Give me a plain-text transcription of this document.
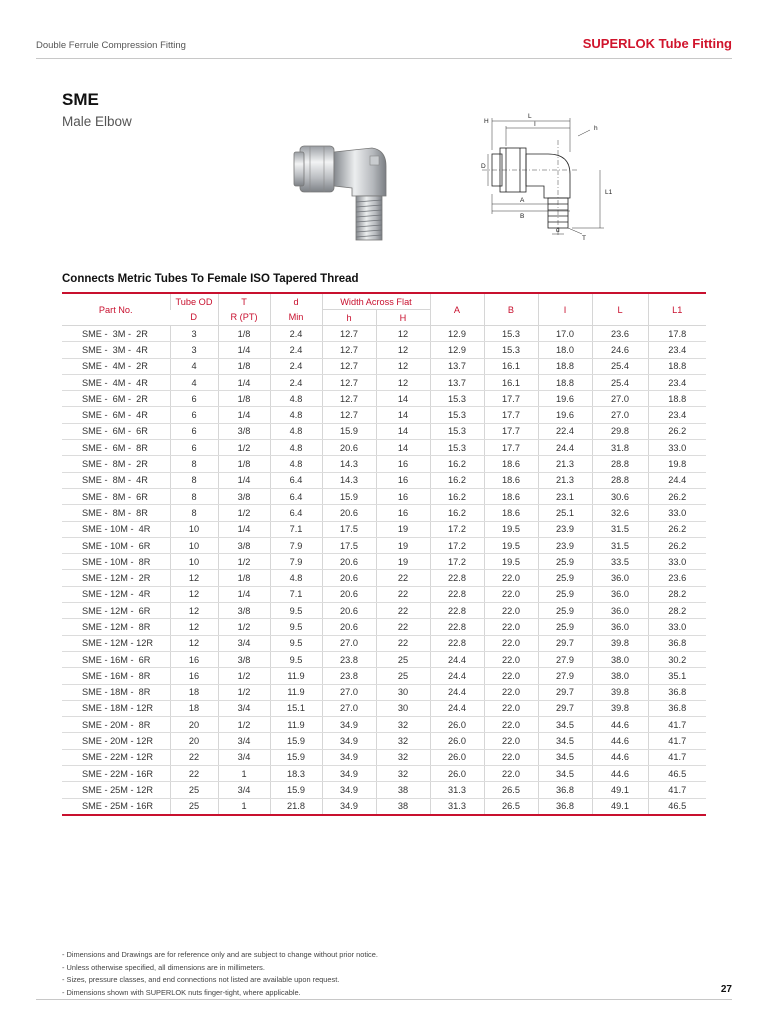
Double Ferrule Compression Fitting	SUPERLOK Tube Fitting
SME
Male Elbow	L
H	I
h
D
A
B
L1
d
T
Connects Metric Tubes To Female ISO Tapered Thread
Part No.	Tube OD	T	d	Width Across Flat		A	B	I	L	L1
	D	R (PT)	Min	h	H					
SME -  3M -  2R	3	1/8	2.4	12.7	12	12.9	15.3	17.0	23.6	17.8
SME -  3M -  4R	3	1/4	2.4	12.7	12	12.9	15.3	18.0	24.6	23.4
SME -  4M -  2R	4	1/8	2.4	12.7	12	13.7	16.1	18.8	25.4	18.8
SME -  4M -  4R	4	1/4	2.4	12.7	12	13.7	16.1	18.8	25.4	23.4
SME -  6M -  2R	6	1/8	4.8	12.7	14	15.3	17.7	19.6	27.0	18.8
SME -  6M -  4R	6	1/4	4.8	12.7	14	15.3	17.7	19.6	27.0	23.4
SME -  6M -  6R	6	3/8	4.8	15.9	14	15.3	17.7	22.4	29.8	26.2
SME -  6M -  8R	6	1/2	4.8	20.6	14	15.3	17.7	24.4	31.8	33.0
SME -  8M -  2R	8	1/8	4.8	14.3	16	16.2	18.6	21.3	28.8	19.8
SME -  8M -  4R	8	1/4	6.4	14.3	16	16.2	18.6	21.3	28.8	24.4
SME -  8M -  6R	8	3/8	6.4	15.9	16	16.2	18.6	23.1	30.6	26.2
SME -  8M -  8R	8	1/2	6.4	20.6	16	16.2	18.6	25.1	32.6	33.0
SME - 10M -  4R	10	1/4	7.1	17.5	19	17.2	19.5	23.9	31.5	26.2
SME - 10M -  6R	10	3/8	7.9	17.5	19	17.2	19.5	23.9	31.5	26.2
SME - 10M -  8R	10	1/2	7.9	20.6	19	17.2	19.5	25.9	33.5	33.0
SME - 12M -  2R	12	1/8	4.8	20.6	22	22.8	22.0	25.9	36.0	23.6
SME - 12M -  4R	12	1/4	7.1	20.6	22	22.8	22.0	25.9	36.0	28.2
SME - 12M -  6R	12	3/8	9.5	20.6	22	22.8	22.0	25.9	36.0	28.2
SME - 12M -  8R	12	1/2	9.5	20.6	22	22.8	22.0	25.9	36.0	33.0
SME - 12M - 12R	12	3/4	9.5	27.0	22	22.8	22.0	29.7	39.8	36.8
SME - 16M -  6R	16	3/8	9.5	23.8	25	24.4	22.0	27.9	38.0	30.2
SME - 16M -  8R	16	1/2	11.9	23.8	25	24.4	22.0	27.9	38.0	35.1
SME - 18M -  8R	18	1/2	11.9	27.0	30	24.4	22.0	29.7	39.8	36.8
SME - 18M - 12R	18	3/4	15.1	27.0	30	24.4	22.0	29.7	39.8	36.8
SME - 20M -  8R	20	1/2	11.9	34.9	32	26.0	22.0	34.5	44.6	41.7
SME - 20M - 12R	20	3/4	15.9	34.9	32	26.0	22.0	34.5	44.6	41.7
SME - 22M - 12R	22	3/4	15.9	34.9	32	26.0	22.0	34.5	44.6	41.7
SME - 22M - 16R	22	1	18.3	34.9	32	26.0	22.0	34.5	44.6	46.5
SME - 25M - 12R	25	3/4	15.9	34.9	38	31.3	26.5	36.8	49.1	41.7
SME - 25M - 16R	25	1	21.8	34.9	38	31.3	26.5	36.8	49.1	46.5
- Dimensions and Drawings are for reference only and are subject to change without prior notice.
- Unless otherwise specified, all dimensions are in millimeters.
- Sizes, pressure classes, and end connections not listed are available upon request.
- Dimensions shown with SUPERLOK nuts finger-tight, where applicable.	27
